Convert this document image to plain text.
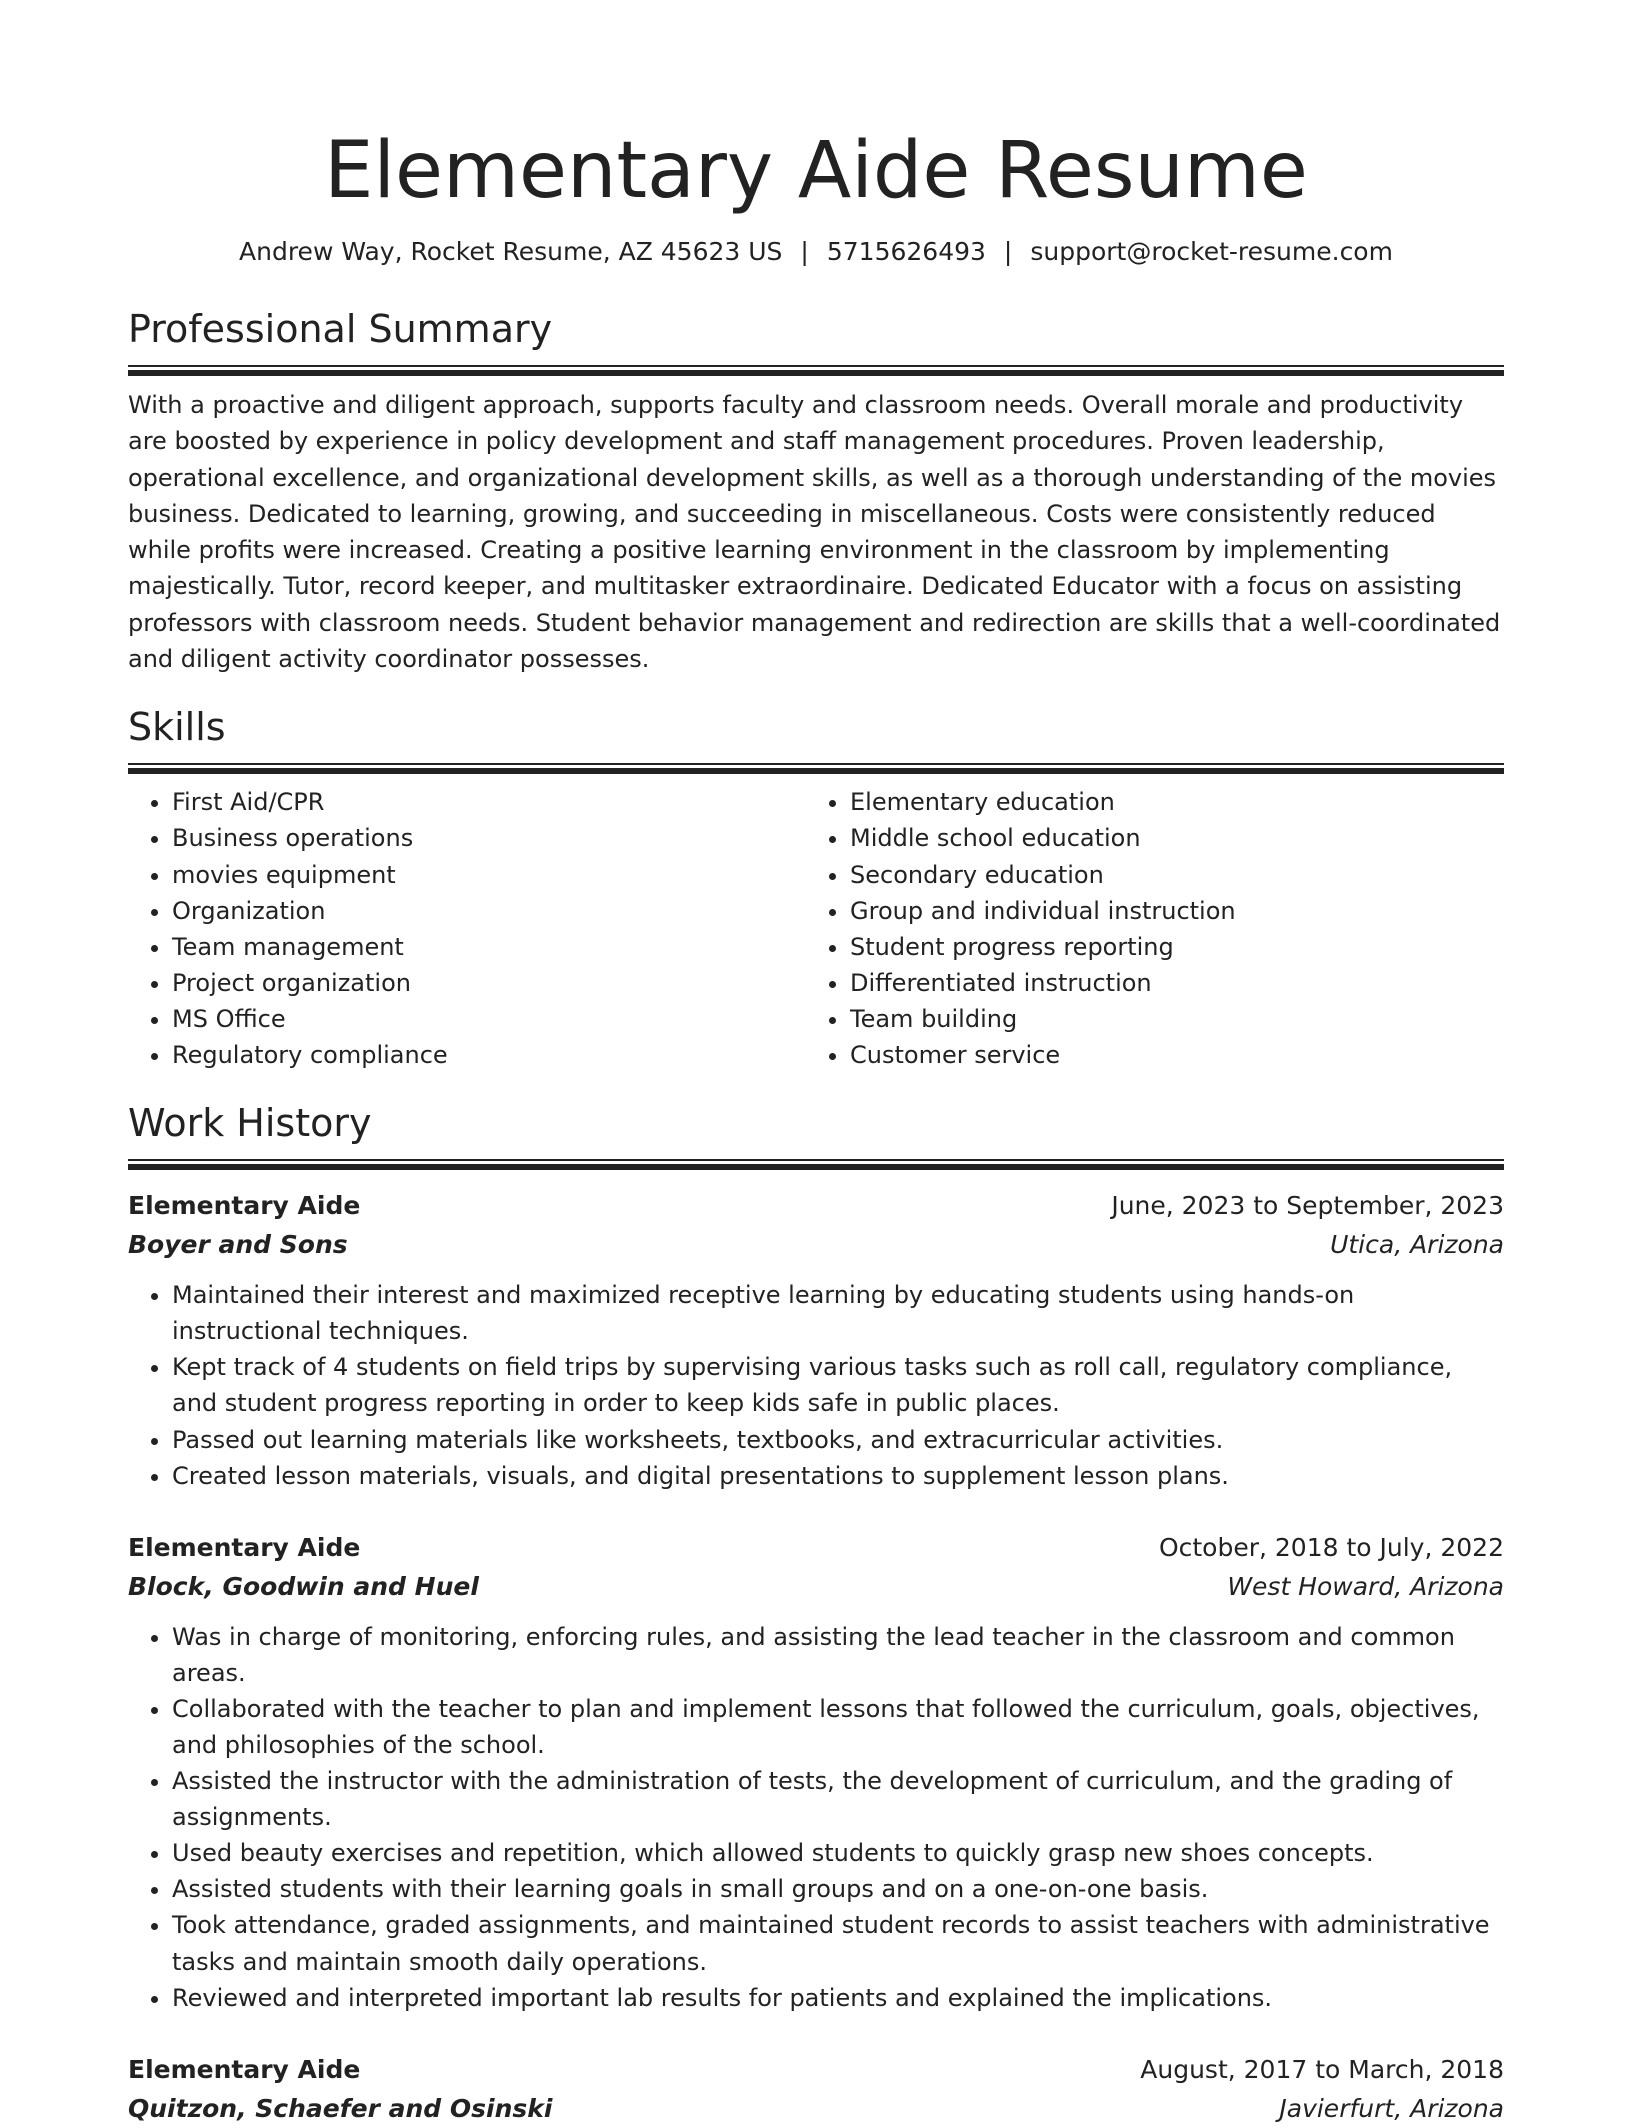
Elementary Aide Resume
Andrew Way, Rocket Resume, AZ 45623 US | 5715626493 | support@rocket-resume.com
Professional Summary

With a proactive and diligent approach, supports faculty and classroom needs. Overall morale and productivity are boosted by experience in policy development and staff management procedures. Proven leadership, operational excellence, and organizational development skills, as well as a thorough understanding of the movies business. Dedicated to learning, growing, and succeeding in miscellaneous. Costs were consistently reduced while profits were increased. Creating a positive learning environment in the classroom by implementing majestically. Tutor, record keeper, and multitasker extraordinaire. Dedicated Educator with a focus on assisting professors with classroom needs. Student behavior management and redirection are skills that a well-coordinated and diligent activity coordinator possesses.

Skills
• First Aid/CPR
• Business operations
• movies equipment
• Organization
• Team management
• Project organization
• MS Office
• Regulatory compliance
• Elementary education
• Middle school education
• Secondary education
• Group and individual instruction
• Student progress reporting
• Differentiated instruction
• Team building
• Customer service
Work History
Elementary Aide	June, 2023 to September, 2023
Boyer and Sons	Utica, Arizona
• Maintained their interest and maximized receptive learning by educating students using hands-on instructional techniques.
• Kept track of 4 students on field trips by supervising various tasks such as roll call, regulatory compliance, and student progress reporting in order to keep kids safe in public places.
• Passed out learning materials like worksheets, textbooks, and extracurricular activities.
• Created lesson materials, visuals, and digital presentations to supplement lesson plans.
Elementary Aide	October, 2018 to July, 2022
Block, Goodwin and Huel	West Howard, Arizona
• Was in charge of monitoring, enforcing rules, and assisting the lead teacher in the classroom and common areas.
• Collaborated with the teacher to plan and implement lessons that followed the curriculum, goals, objectives, and philosophies of the school.
• Assisted the instructor with the administration of tests, the development of curriculum, and the grading of assignments.
• Used beauty exercises and repetition, which allowed students to quickly grasp new shoes concepts.
• Assisted students with their learning goals in small groups and on a one-on-one basis.
• Took attendance, graded assignments, and maintained student records to assist teachers with administrative tasks and maintain smooth daily operations.
• Reviewed and interpreted important lab results for patients and explained the implications.
Elementary Aide	August, 2017 to March, 2018
Quitzon, Schaefer and Osinski	Javierfurt, Arizona
